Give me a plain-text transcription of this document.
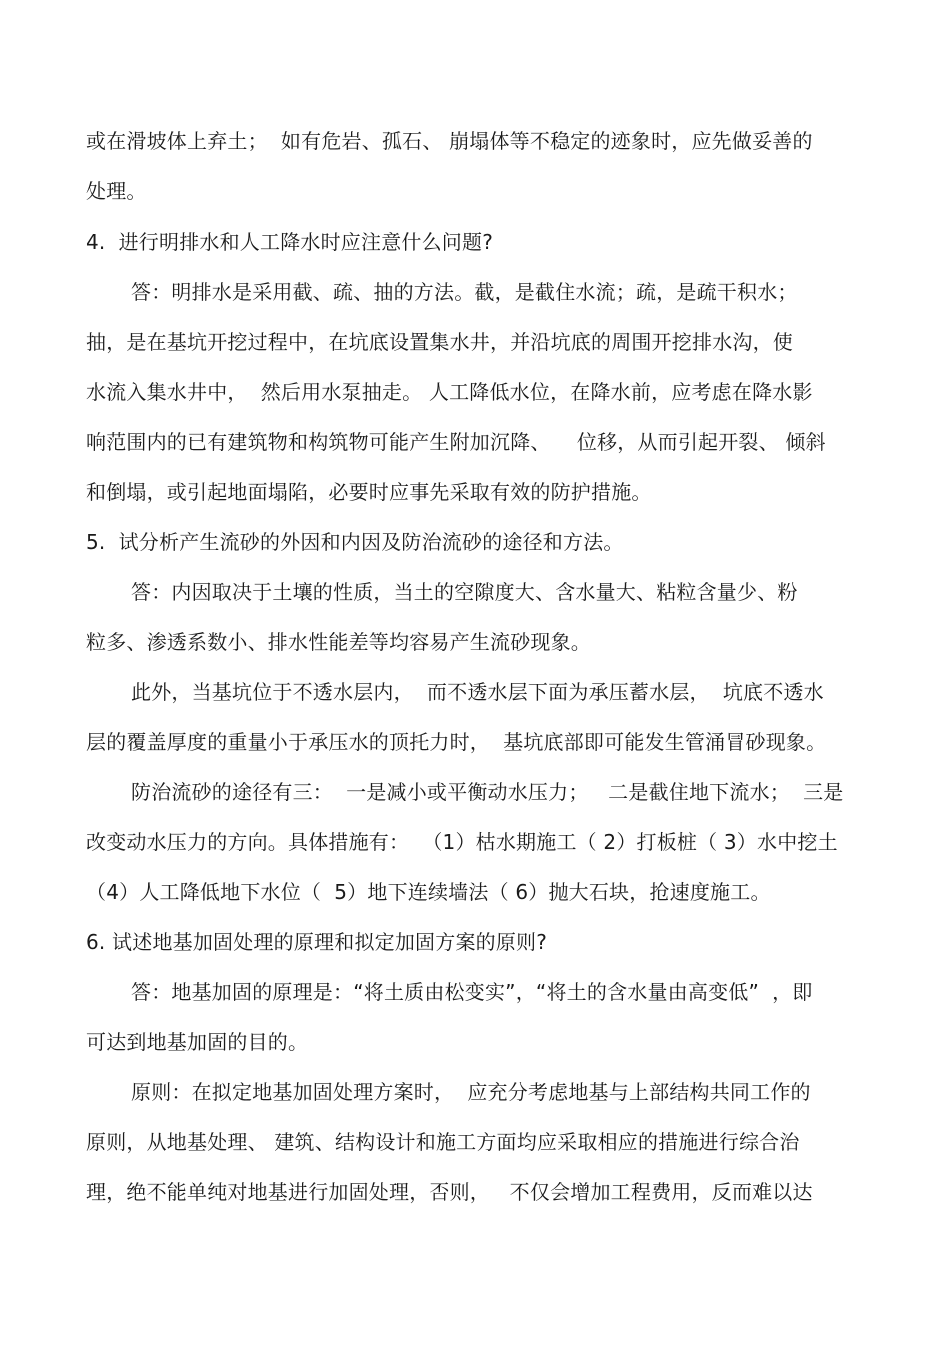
或在滑坡体上弃土；  如有危岩、孤石、 崩塌体等不稳定的迹象时，应先做妥善的
处理。
4.  进行明排水和人工降水时应注意什么问题?
答：明排水是采用截、疏、抽的方法。截，是截住水流；疏，是疏干积水；
抽，是在基坑开挖过程中，在坑底设置集水井，并沿坑底的周围开挖排水沟，使
水流入集水井中，  然后用水泵抽走。 人工降低水位，在降水前，应考虑在降水影
响范围内的已有建筑物和构筑物可能产生附加沉降、    位移，从而引起开裂、 倾斜
和倒塌，或引起地面塌陷，必要时应事先采取有效的防护措施。
5.  试分析产生流砂的外因和内因及防治流砂的途径和方法。
答：内因取决于土壤的性质，当土的空隙度大、含水量大、粘粒含量少、粉
粒多、渗透系数小、排水性能差等均容易产生流砂现象。
此外，当基坑位于不透水层内，  而不透水层下面为承压蓄水层，  坑底不透水
层的覆盖厚度的重量小于承压水的顶托力时，  基坑底部即可能发生管涌冒砂现象。
防治流砂的途径有三：  一是减小或平衡动水压力；   二是截住地下流水；  三是
改变动水压力的方向。具体措施有：  （1）枯水期施工（ 2）打板桩（ 3）水中挖土
（4）人工降低地下水位（  5）地下连续墙法（ 6）抛大石块，抢速度施工。
6. 试述地基加固处理的原理和拟定加固方案的原则?
答：地基加固的原理是：“将土质由松变实”，“将土的含水量由高变低”  ，即
可达到地基加固的目的。
原则：在拟定地基加固处理方案时，  应充分考虑地基与上部结构共同工作的
原则，从地基处理、 建筑、结构设计和施工方面均应采取相应的措施进行综合治
理，绝不能单纯对地基进行加固处理，否则，   不仅会增加工程费用，反而难以达
